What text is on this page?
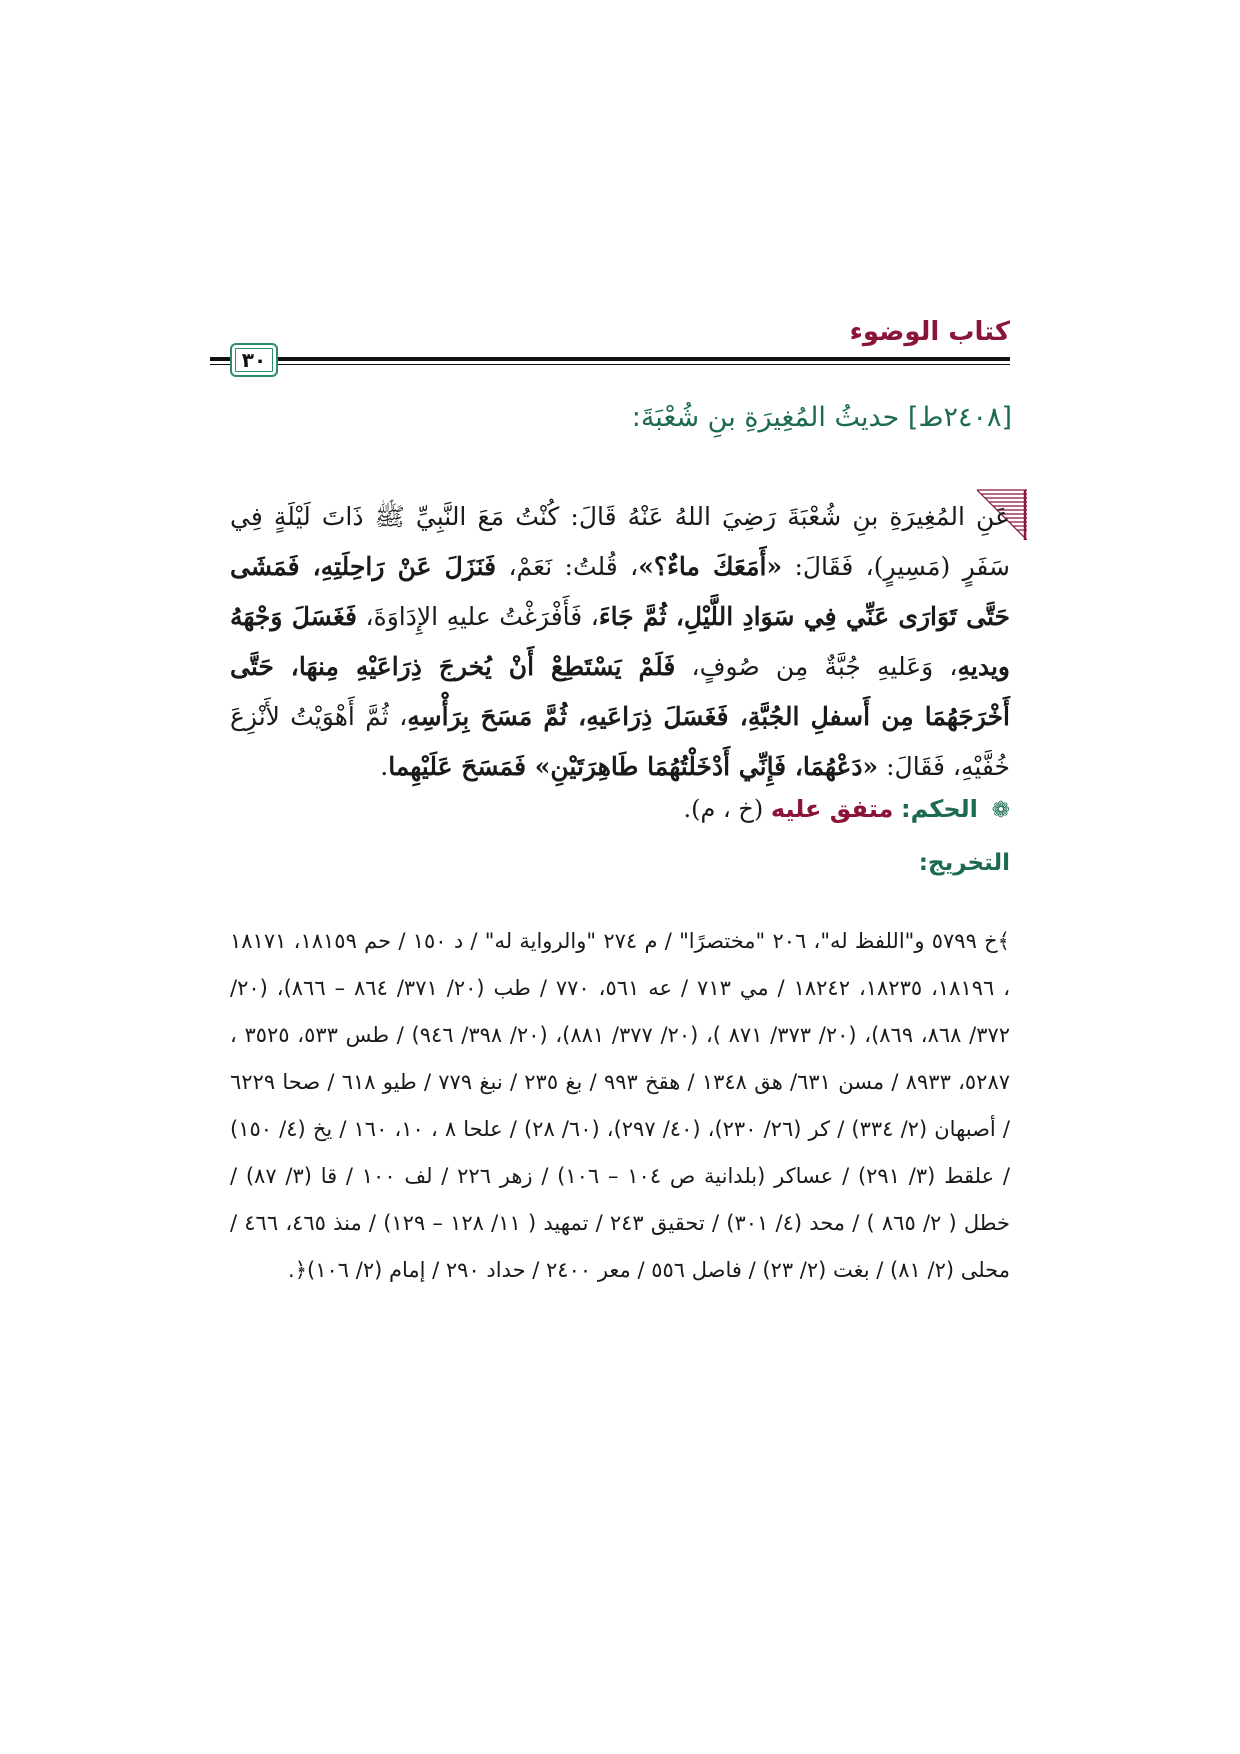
كتاب الوضوء
٣٠
[٢٤٠٨ط] حديثُ المُغِيرَةِ بنِ شُعْبَةَ:
عَنِ المُغِيرَةِ بنِ شُعْبَةَ رَضِيَ اللهُ عَنْهُ قَالَ: كُنْتُ مَعَ النَّبِيِّ ﷺ ذَاتَ لَيْلَةٍ فِي سَفَرٍ (مَسِيرٍ)، فَقَالَ: «أَمَعَكَ ماءٌ؟»، قُلتُ: نَعَمْ، فَنَزَلَ عَنْ رَاحِلَتِهِ، فَمَشَى حَتَّى تَوَارَى عَنِّي فِي سَوَادِ اللَّيْلِ، ثُمَّ جَاءَ، فَأَفْرَغْتُ عليهِ الإِدَاوَةَ، فَغَسَلَ وَجْهَهُ ويديهِ، وَعَليهِ جُبَّةٌ مِن صُوفٍ، فَلَمْ يَسْتَطِعْ أَنْ يُخرجَ ذِرَاعَيْهِ مِنهَا، حَتَّى أَخْرَجَهُمَا مِن أَسفلِ الجُبَّةِ، فَغَسَلَ ذِرَاعَيهِ، ثُمَّ مَسَحَ بِرَأْسِهِ، ثُمَّ أَهْوَيْتُ لأَنْزِعَ خُفَّيْهِ، فَقَالَ: «دَعْهُمَا، فَإِنِّي أَدْخَلْتُهُمَا طَاهِرَتَيْنِ» فَمَسَحَ عَلَيْهِما.
❁ الحكم: متفق عليه (خ ، م).
التخريج:
﴾خ ٥٧٩٩ و"اللفظ له"، ٢٠٦ "مختصرًا" / م ٢٧٤ "والرواية له" / د ١٥٠ / حم ١٨١٥٩، ١٨١٧١ ، ١٨١٩٦، ١٨٢٣٥، ١٨٢٤٢ / مي ٧١٣ / عه ٥٦١، ٧٧٠ / طب (٢٠/ ٣٧١/ ٨٦٤ – ٨٦٦)، (٢٠/ ٣٧٢/ ٨٦٨، ٨٦٩)، (٢٠/ ٣٧٣/ ٨٧١ )، (٢٠/ ٣٧٧/ ٨٨١)، (٢٠/ ٣٩٨/ ٩٤٦) / طس ٥٣٣، ٣٥٢٥ ، ٥٢٨٧، ٨٩٣٣ / مسن ٦٣١/ هق ١٣٤٨ / هقخ ٩٩٣ / بغ ٢٣٥ / نبغ ٧٧٩ / طيو ٦١٨ / صحا ٦٢٢٩ / أصبهان (٢/ ٣٣٤) / كر (٢٦/ ٢٣٠)، (٤٠/ ٢٩٧)، (٦٠/ ٢٨) / علحا ٨ ، ١٠، ١٦٠ / يخ (٤/ ١٥٠) / علقط (٣/ ٢٩١) / عساكر (بلدانية ص ١٠٤ – ١٠٦) / زهر ٢٢٦ / لف ١٠٠ / قا (٣/ ٨٧) / خطل ( ٢/ ٨٦٥ ) / محد (٤/ ٣٠١) / تحقيق ٢٤٣ / تمهيد ( ١١/ ١٢٨ – ١٢٩) / منذ ٤٦٥، ٤٦٦ / محلى (٢/ ٨١) / بغت (٢/ ٢٣) / فاصل ٥٥٦ / معر ٢٤٠٠ / حداد ٢٩٠ / إمام (٢/ ١٠٦)﴿.
